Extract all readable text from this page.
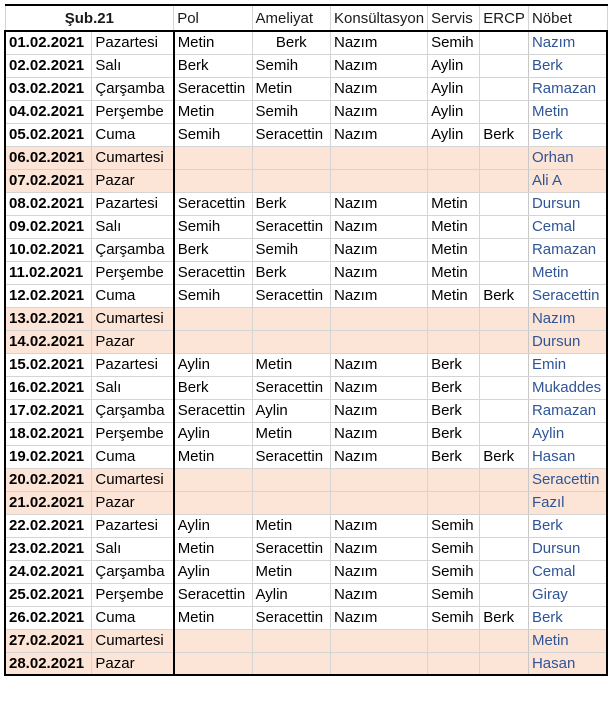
Şub.21		Pol	Ameliyat	Konsültasyon	Servis	ERCP	Nöbet
01.02.2021	Pazartesi	Metin	Berk	Nazım	Semih		Nazım
02.02.2021	Salı	Berk	Semih	Nazım	Aylin		Berk
03.02.2021	Çarşamba	Seracettin	Metin	Nazım	Aylin		Ramazan
04.02.2021	Perşembe	Metin	Semih	Nazım	Aylin		Metin
05.02.2021	Cuma	Semih	Seracettin	Nazım	Aylin	Berk	Berk
06.02.2021	Cumartesi						Orhan
07.02.2021	Pazar						Ali A
08.02.2021	Pazartesi	Seracettin	Berk	Nazım	Metin		Dursun
09.02.2021	Salı	Semih	Seracettin	Nazım	Metin		Cemal
10.02.2021	Çarşamba	Berk	Semih	Nazım	Metin		Ramazan
11.02.2021	Perşembe	Seracettin	Berk	Nazım	Metin		Metin
12.02.2021	Cuma	Semih	Seracettin	Nazım	Metin	Berk	Seracettin
13.02.2021	Cumartesi						Nazım
14.02.2021	Pazar						Dursun
15.02.2021	Pazartesi	Aylin	Metin	Nazım	Berk		Emin
16.02.2021	Salı	Berk	Seracettin	Nazım	Berk		Mukaddes
17.02.2021	Çarşamba	Seracettin	Aylin	Nazım	Berk		Ramazan
18.02.2021	Perşembe	Aylin	Metin	Nazım	Berk		Aylin
19.02.2021	Cuma	Metin	Seracettin	Nazım	Berk	Berk	Hasan
20.02.2021	Cumartesi						Seracettin
21.02.2021	Pazar						Fazıl
22.02.2021	Pazartesi	Aylin	Metin	Nazım	Semih		Berk
23.02.2021	Salı	Metin	Seracettin	Nazım	Semih		Dursun
24.02.2021	Çarşamba	Aylin	Metin	Nazım	Semih		Cemal
25.02.2021	Perşembe	Seracettin	Aylin	Nazım	Semih		Giray
26.02.2021	Cuma	Metin	Seracettin	Nazım	Semih	Berk	Berk
27.02.2021	Cumartesi						Metin
28.02.2021	Pazar						Hasan
